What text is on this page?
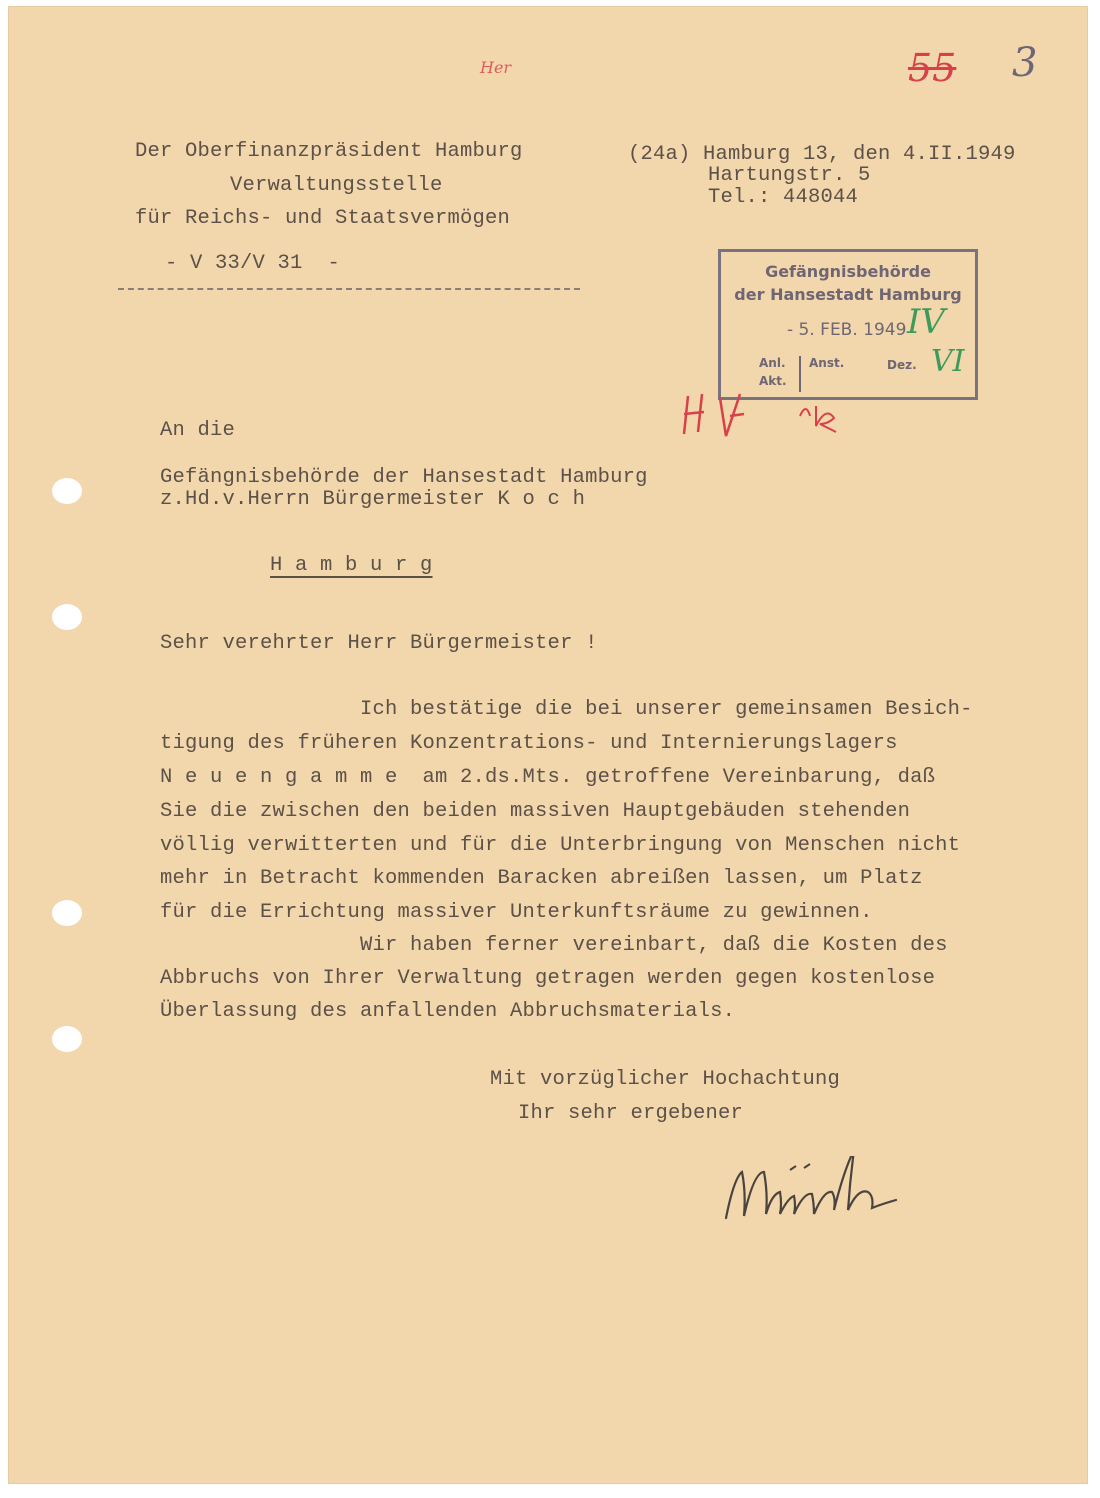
Her	55 3
Der Oberfinanzpräsident Hamburg
Verwaltungsstelle
für Reichs- und Staatsvermögen
- V 33/V 31  -
(24a) Hamburg 13, den 4.II.1949
Hartungstr. 5
Tel.: 448044
Gefängnisbehörde
der Hansestadt Hamburg
- 5. FEB. 1949
Anl.
Akt.
Anst.	Dez.
IV
VI
An die
Gefängnisbehörde der Hansestadt Hamburg
z.Hd.v.Herrn Bürgermeister K o c h
H a m b u r g
Sehr verehrter Herr Bürgermeister !
Ich bestätige die bei unserer gemeinsamen Besich-
tigung des früheren Konzentrations- und Internierungslagers
N e u e n g a m m e  am 2.ds.Mts. getroffene Vereinbarung, daß
Sie die zwischen den beiden massiven Hauptgebäuden stehenden
völlig verwitterten und für die Unterbringung von Menschen nicht
mehr in Betracht kommenden Baracken abreißen lassen, um Platz
für die Errichtung massiver Unterkunftsräume zu gewinnen.
Wir haben ferner vereinbart, daß die Kosten des
Abbruchs von Ihrer Verwaltung getragen werden gegen kostenlose
Überlassung des anfallenden Abbruchsmaterials.
Mit vorzüglicher Hochachtung
Ihr sehr ergebener
